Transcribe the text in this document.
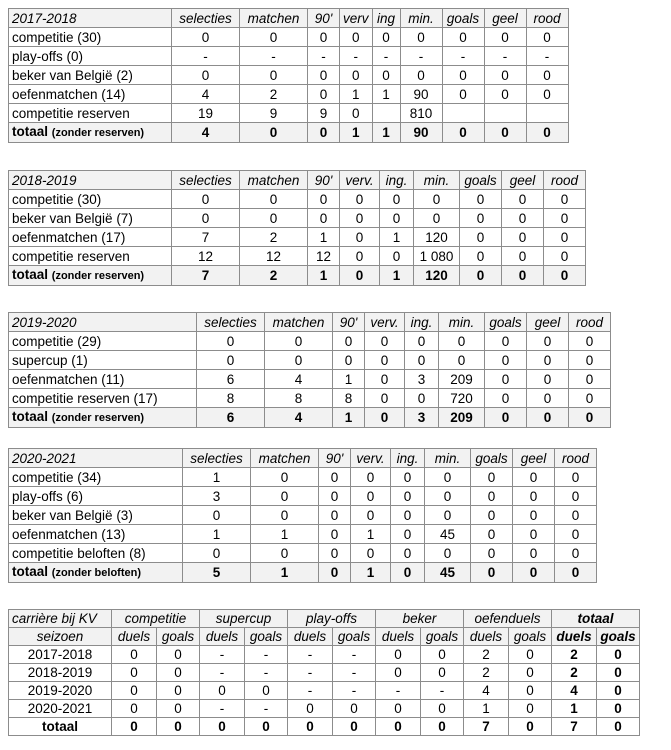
2017-2018	selecties	matchen	90'	verv	ing	min.	goals	geel	rood
competitie (30)	0	0	0	0	0	0	0	0	0
play-offs (0)	-	-	-	-	-	-	-	-	-
beker van België (2)	0	0	0	0	0	0	0	0	0
oefenmatchen (14)	4	2	0	1	1	90	0	0	0
competitie reserven	19	9	9	0		810			
totaal (zonder reserven)	4	0	0	1	1	90	0	0	0
2018-2019	selecties	matchen	90'	verv.	ing.	min.	goals	geel	rood
competitie (30)	0	0	0	0	0	0	0	0	0
beker van België (7)	0	0	0	0	0	0	0	0	0
oefenmatchen (17)	7	2	1	0	1	120	0	0	0
competitie reserven	12	12	12	0	0	1 080	0	0	0
totaal (zonder reserven)	7	2	1	0	1	120	0	0	0
2019-2020	selecties	matchen	90'	verv.	ing.	min.	goals	geel	rood
competitie (29)	0	0	0	0	0	0	0	0	0
supercup (1)	0	0	0	0	0	0	0	0	0
oefenmatchen (11)	6	4	1	0	3	209	0	0	0
competitie reserven (17)	8	8	8	0	0	720	0	0	0
totaal (zonder reserven)	6	4	1	0	3	209	0	0	0
2020-2021	selecties	matchen	90'	verv.	ing.	min.	goals	geel	rood
competitie (34)	1	0	0	0	0	0	0	0	0
play-offs (6)	3	0	0	0	0	0	0	0	0
beker van België (3)	0	0	0	0	0	0	0	0	0
oefenmatchen (13)	1	1	0	1	0	45	0	0	0
competitie beloften (8)	0	0	0	0	0	0	0	0	0
totaal (zonder beloften)	5	1	0	1	0	45	0	0	0
carrière bij KV	competitie		supercup		play-offs		beker		oefenduels		totaal	
seizoen	duels	goals	duels	goals	duels	goals	duels	goals	duels	goals	duels	goals
2017-2018	0	0	-	-	-	-	0	0	2	0	2	0
2018-2019	0	0	-	-	-	-	0	0	2	0	2	0
2019-2020	0	0	0	0	-	-	-	-	4	0	4	0
2020-2021	0	0	-	-	0	0	0	0	1	0	1	0
totaal	0	0	0	0	0	0	0	0	7	0	7	0
